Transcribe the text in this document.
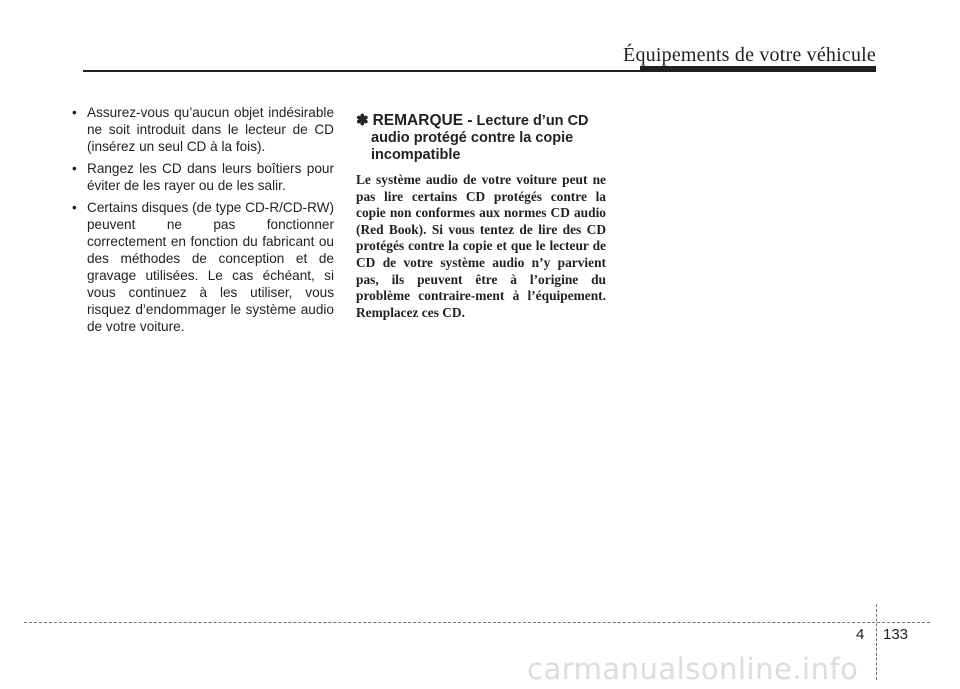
Équipements de votre véhicule
• Assurez-vous qu’aucun objet indésirable ne soit introduit dans le lecteur de CD (insérez un seul CD à la fois).
• Rangez les CD dans leurs boîtiers pour éviter de les rayer ou de les salir.
• Certains disques (de type CD-R/CD-RW) peuvent ne pas fonctionner correctement en fonction du fabricant ou des méthodes de conception et de gravage utilisées. Le cas échéant, si vous continuez à les utiliser, vous risquez d’endommager le système audio de votre voiture.
✽ REMARQUE - Lecture d’un CD audio protégé contre la copie incompatible
Le système audio de votre voiture peut ne pas lire certains CD protégés contre la copie non conformes aux normes CD audio (Red Book). Si vous tentez de lire des CD protégés contre la copie et que le lecteur de CD de votre système audio n’y parvient pas, ils peuvent être à l’origine du problème contraire-ment à l’équipement. Remplacez ces CD.
4 133
carmanualsonline.info
